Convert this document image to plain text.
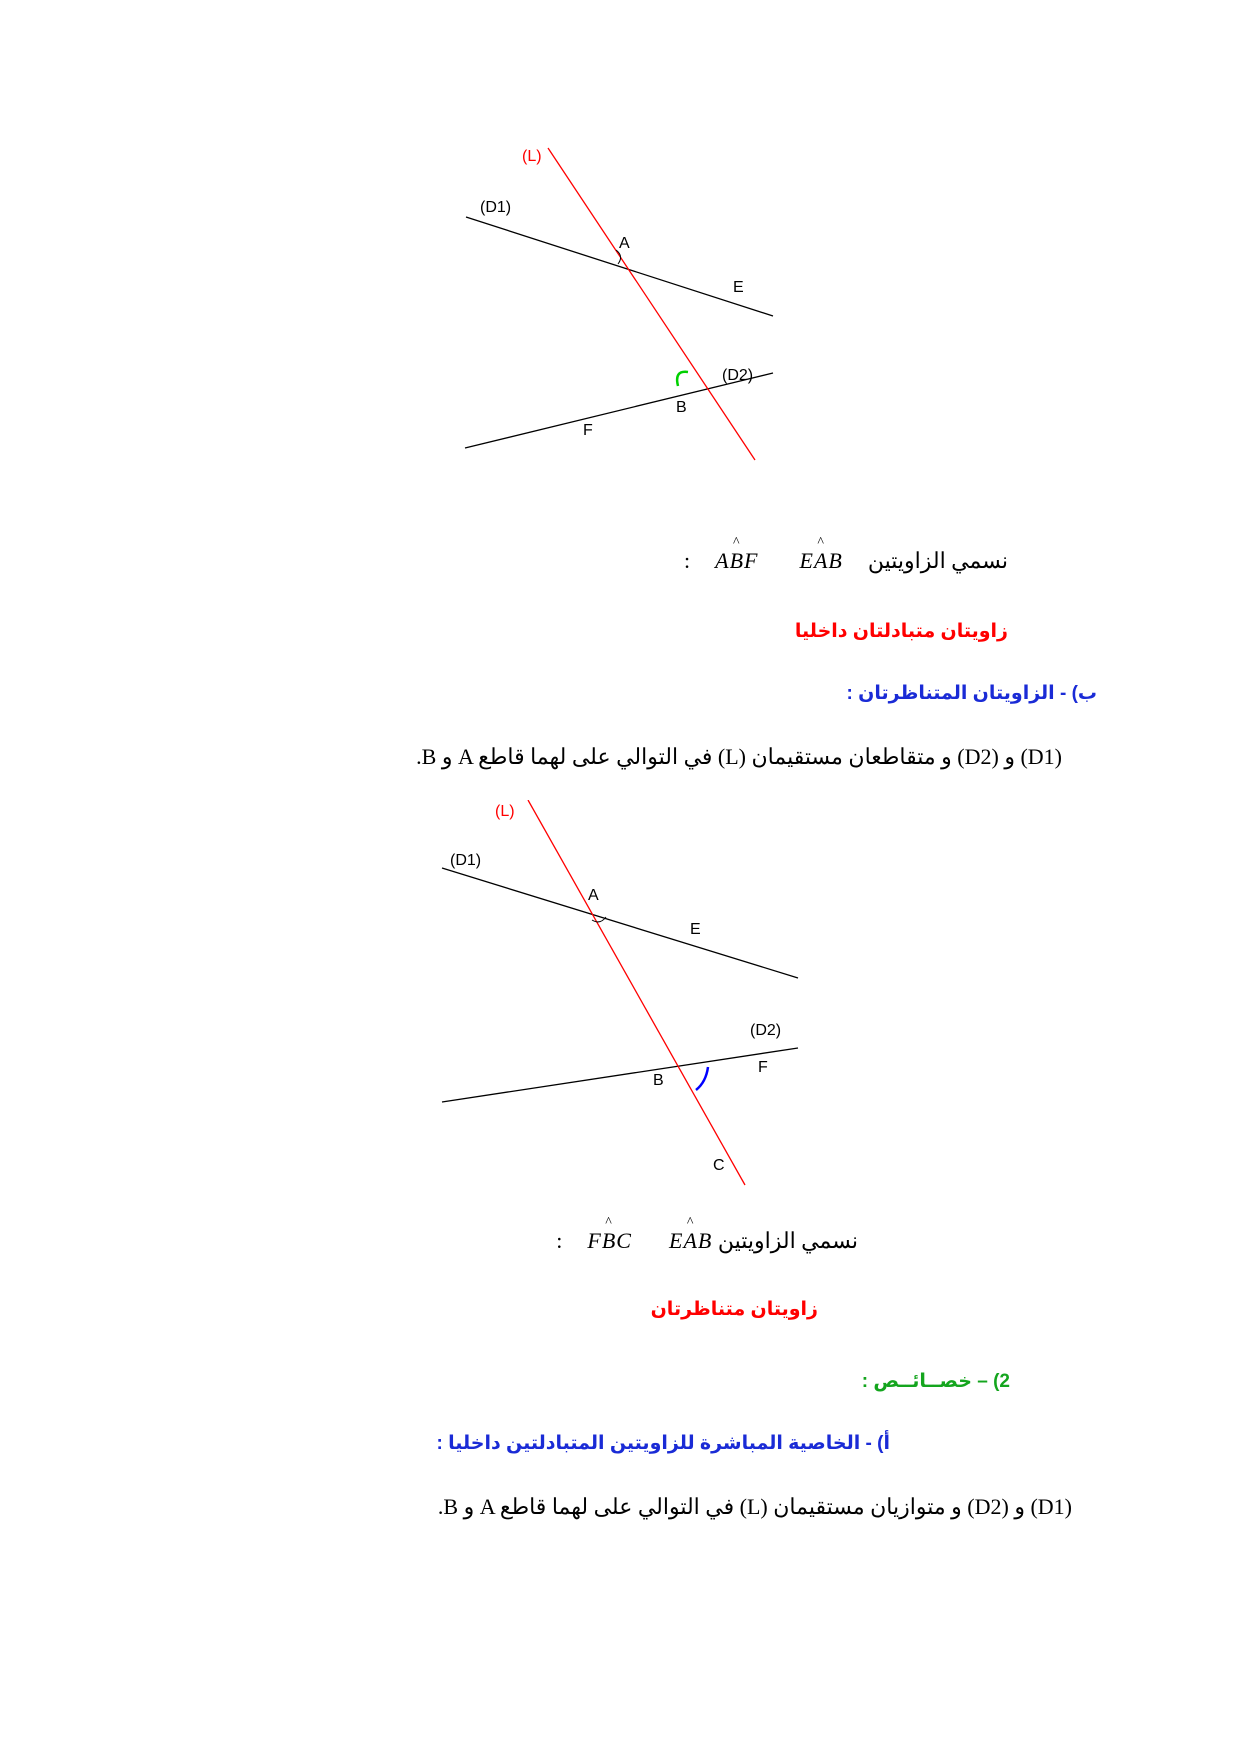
(L)
(D1)
A
E
(D2)
B
F
نسمي الزاويتين  E^ AB  A^ BF  :
زاويتان متبادلتان داخليا
ب) - الزاويتان المتناظرتان :
.B و A في التوالي على لهما قاطع (L) و متقاطعان مستقيمان (D2) و (D1)
(L)
(D1)
A
E
(D2)
B
F
C
نسمي الزاويتين E^ AB  F^ BC  :
زاويتان متناظرتان
2) – خصــائــص :
أ) - الخاصية المباشرة للزاويتين المتبادلتين داخليا :
.B و A في التوالي على لهما قاطع (L) و متوازيان مستقيمان (D2) و (D1)
